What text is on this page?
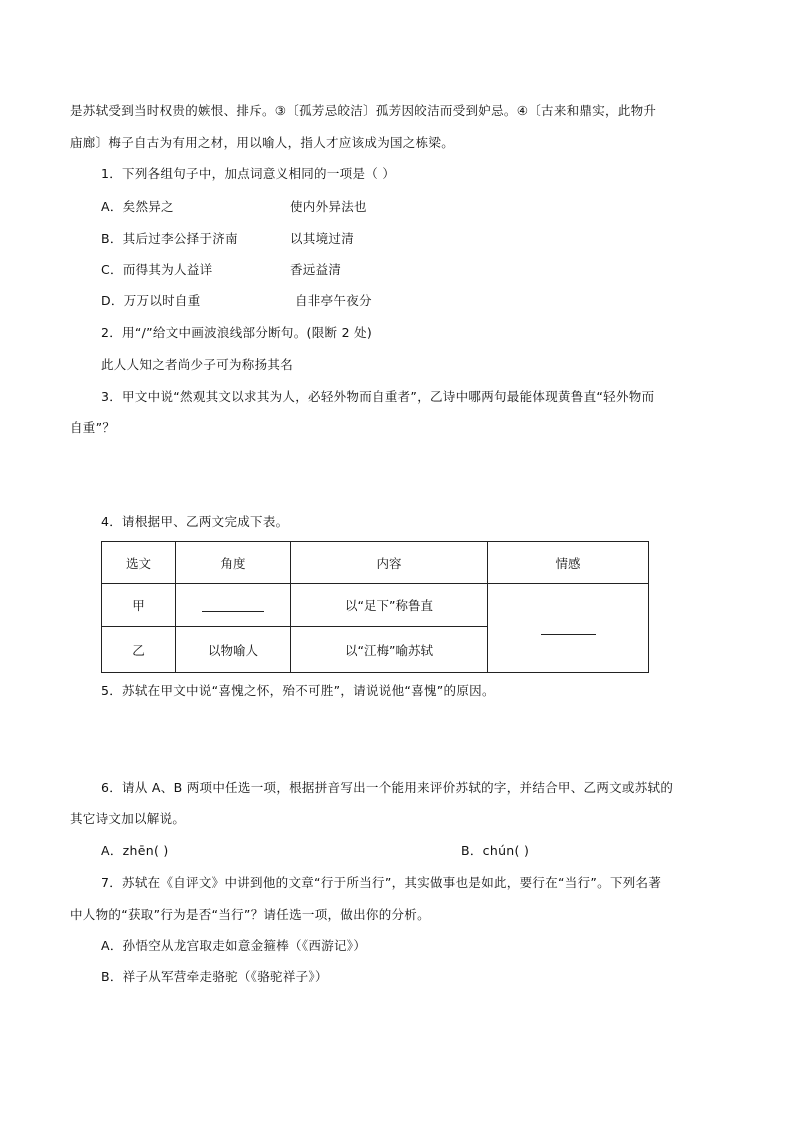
是苏轼受到当时权贵的嫉恨、排斥。③〔孤芳忌皎洁〕孤芳因皎洁而受到妒忌。④〔古来和鼎实，此物升
庙廊〕梅子自古为有用之材，用以喻人，指人才应该成为国之栋梁。
1．下列各组句子中，加点词意义相同的一项是（ ）
A．矣然异之	使内外异法也
B．其后过李公择于济南	以其境过清
C．而得其为人益详	香远益清
D．万万以时自重	自非亭午夜分
2．用“/”给文中画波浪线部分断句。(限断 2 处)
此人人知之者尚少子可为称扬其名
3．甲文中说“然观其文以求其为人，必轻外物而自重者”，乙诗中哪两句最能体现黄鲁直“轻外物而
自重”？
4．请根据甲、乙两文完成下表。
选文	角度	内容	情感
甲		以“足下”称鲁直	
乙	以物喻人	以“江梅”喻苏轼	
5．苏轼在甲文中说“喜愧之怀，殆不可胜”，请说说他“喜愧”的原因。
6．请从 A、B 两项中任选一项，根据拼音写出一个能用来评价苏轼的字，并结合甲、乙两文或苏轼的
其它诗文加以解说。
A．zhēn( )	B．chún( )
7．苏轼在《自评文》中讲到他的文章“行于所当行”，其实做事也是如此，要行在“当行”。下列名著
中人物的“获取”行为是否“当行”？请任选一项，做出你的分析。
A．孙悟空从龙宫取走如意金箍棒（《西游记》）
B．祥子从军营牵走骆驼（《骆驼祥子》）
